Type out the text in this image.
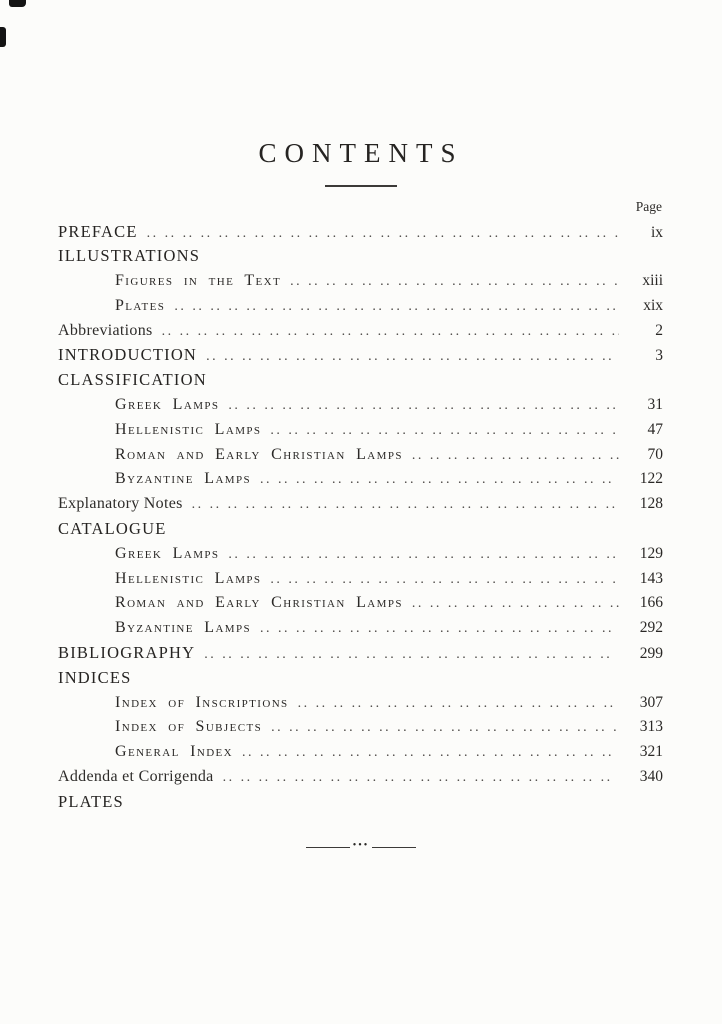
CONTENTS
Page
PREFACE .. ..	ix
ILLUSTRATIONS
Figures in the Text .. ..	xiii
Plates .. ..	xix
Abbreviations .. ..	2
INTRODUCTION .. ..	3
CLASSIFICATION
Greek Lamps .. ..	31
Hellenistic Lamps .. ..	47
Roman and Early Christian Lamps .. ..	70
Byzantine Lamps .. ..	122
Explanatory Notes .. ..	128
CATALOGUE
Greek Lamps .. ..	129
Hellenistic Lamps .. ..	143
Roman and Early Christian Lamps .. ..	166
Byzantine Lamps .. ..	292
BIBLIOGRAPHY .. ..	299
INDICES
Index of Inscriptions .. ..	307
Index of Subjects .. ..	313
General Index .. ..	321
Addenda et Corrigenda .. ..	340
PLATES
•••
